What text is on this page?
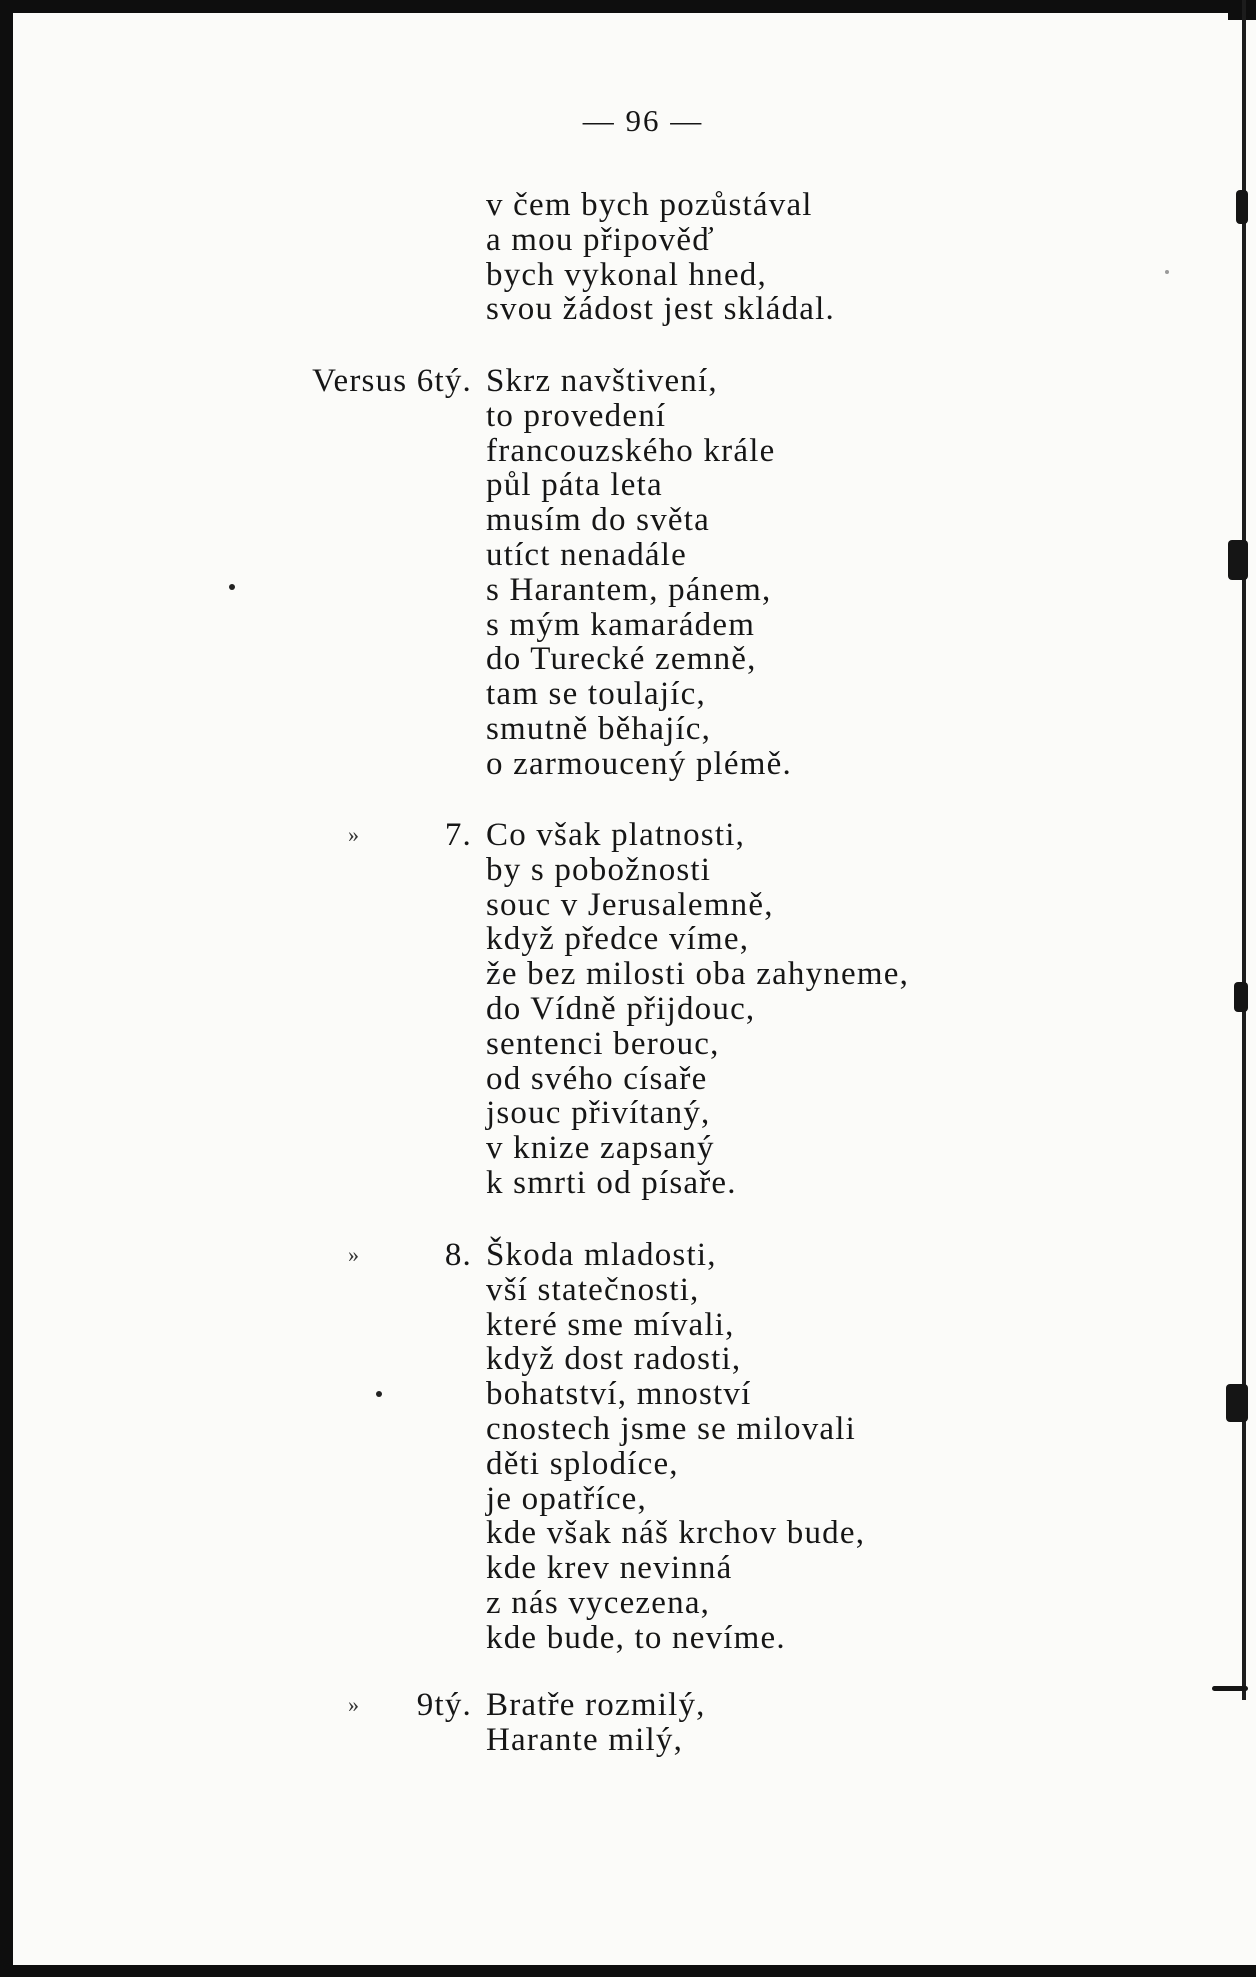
— 96 —
v čem bych pozůstával
a mou připověď
bych vykonal hned,
svou žádost jest skládal.
Versus 6tý. Skrz navštivení,
to provedení
francouzského krále
půl páta leta
musím do světa
utíct nenadále
s Harantem, pánem,
s mým kamarádem
do Turecké zemně,
tam se toulajíc,
smutně běhajíc,
o zarmoucený plémě.
»	7. Co však platnosti,
by s pobožnosti
souc v Jerusalemně,
když předce víme,
že bez milosti oba zahyneme,
do Vídně přijdouc,
sentenci berouc,
od svého císaře
jsouc přivítaný,
v knize zapsaný
k smrti od písaře.
»	8. Škoda mladosti,
vší statečnosti,
které sme mívali,
když dost radosti,
bohatství, mnoství
cnostech jsme se milovali
děti splodíce,
je opatříce,
kde však náš krchov bude,
kde krev nevinná
z nás vycezena,
kde bude, to nevíme.
» 9tý. Bratře rozmilý,
Harante milý,
